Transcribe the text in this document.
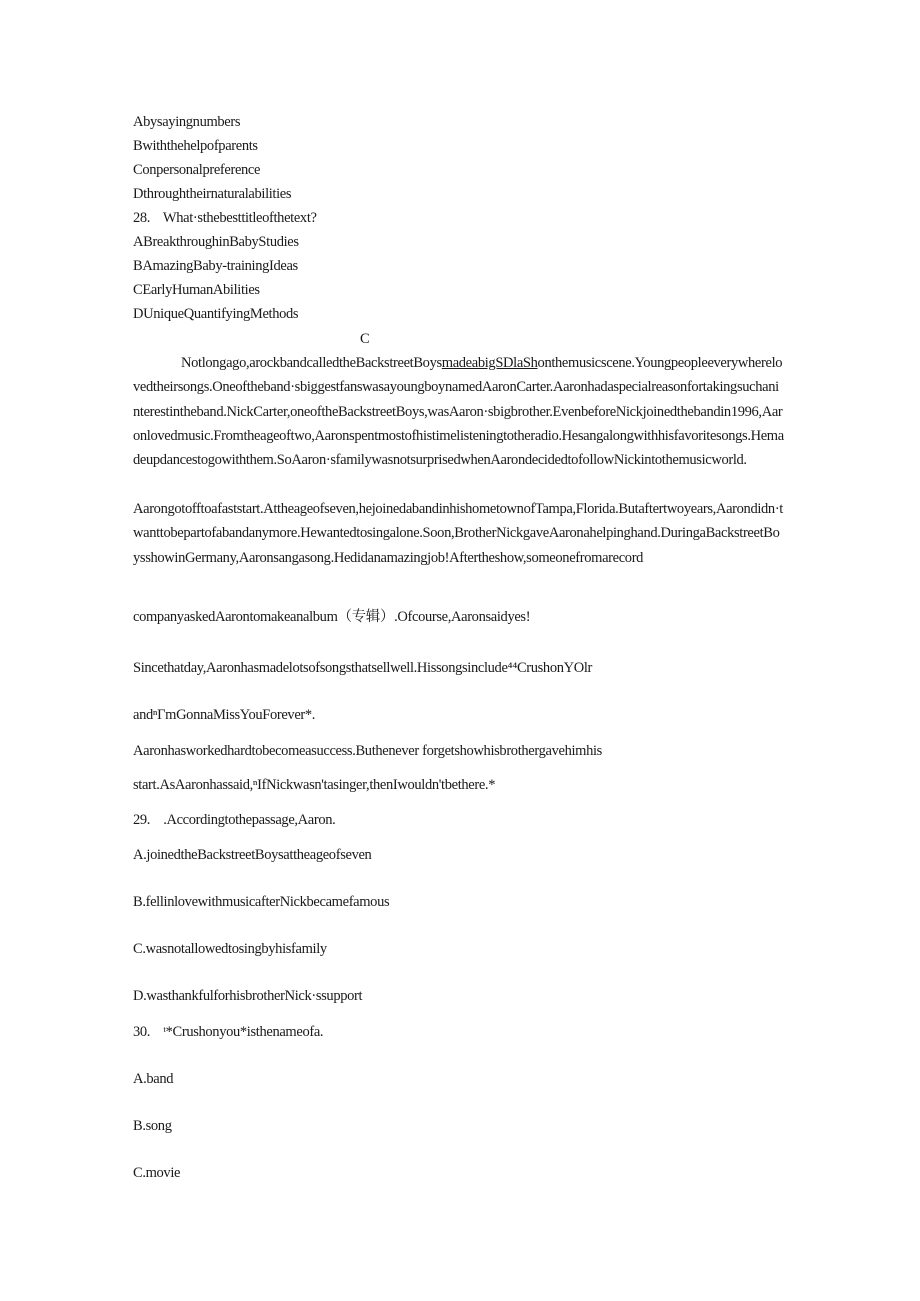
Abysayingnumbers
Bwiththehelpofparents
Conpersonalpreference
Dthroughtheirnaturalabilities
28. What·sthebesttitleofthetext?
ABreakthroughinBabyStudies
BAmazingBaby-trainingIdeas
CEarlyHumanAbilities
DUniqueQuantifyingMethods
C
Notlongago,arockbandcalledtheBackstreetBoysmadeabigSDlaShonthemusicscene.Youngpeopleeverywherelovedtheirsongs.Oneoftheband·sbiggestfanswasayoungboynamedAaronCarter.Aaronhadaspecialreasonfortakingsuchaninterestintheband.NickCarter,oneoftheBackstreetBoys,wasAaron·sbigbrother.EvenbeforeNickjoinedthebandin1996,Aaronlovedmusic.Fromtheageoftwo,Aaronspentmostofhistimelisteningtotheradio.Hesangalongwithhisfavoritesongs.Hemadeupdancestogowiththem.SoAaron·sfamilywasnotsurprisedwhenAarondecidedtofollowNickintothemusicworld.
Aarongotofftoafaststart.Attheageofseven,hejoinedabandinhishometownofTampa,Florida.Butaftertwoyears,Aarondidn·twanttobepartofabandanymore.Hewantedtosingalone.Soon,BrotherNickgaveAaronahelpinghand.DuringaBackstreetBoysshowinGermany,Aaronsangasong.Hedidanamazingjob!Aftertheshow,someonefromarecord
companyaskedAarontomakeanalbum（专辑）.Ofcourse,Aaronsaidyes!
Sincethatday,Aaronhasmadelotsofsongsthatsellwell.Hissongsinclude⁴⁴CrushonYOlr
andⁿΓmGonnaMissYouForever*.
Aaronhasworkedhardtobecomeasuccess.Buthenever forgetshowhisbrothergavehimhis
start.AsAaronhassaid,ⁿIfNickwasn'tasinger,thenIwouldn'tbethere.*
29. .Accordingtothepassage,Aaron.
A.joinedtheBackstreetBoysattheageofseven
B.fellinlovewithmusicafterNickbecamefamous
C.wasnotallowedtosingbyhisfamily
D.wasthankfulforhisbrotherNick·ssupport
30. ᵗ*Crushonyou*isthenameofa.
A.band
B.song
C.movie
